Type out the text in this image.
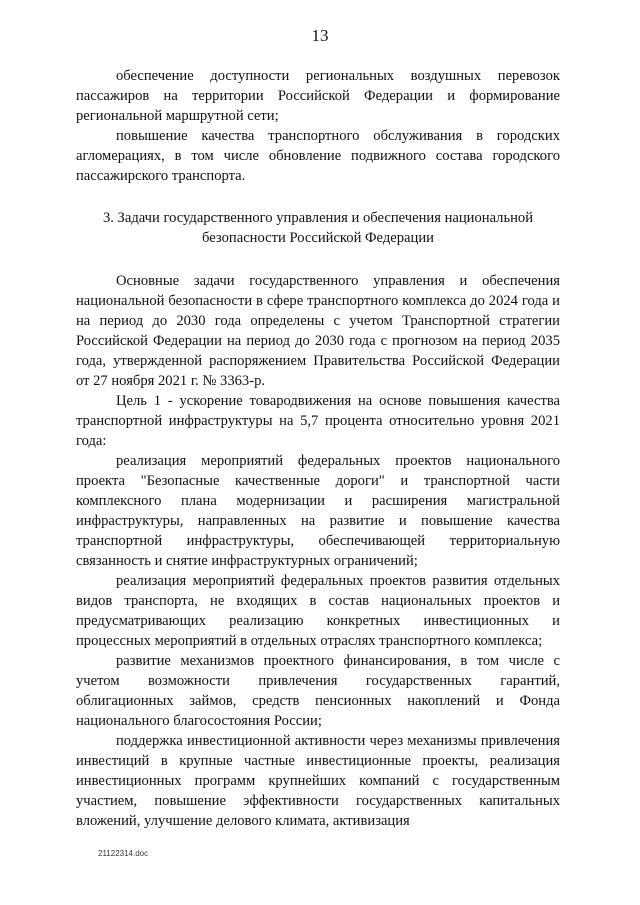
13

обеспечение доступности региональных воздушных перевозок пассажиров на территории Российской Федерации и формирование региональной маршрутной сети;

повышение качества транспортного обслуживания в городских агломерациях, в том числе обновление подвижного состава городского пассажирского транспорта.

3. Задачи государственного управления и обеспечения национальной
безопасности Российской Федерации

Основные задачи государственного управления и обеспечения национальной безопасности в сфере транспортного комплекса до 2024 года и на период до 2030 года определены с учетом Транспортной стратегии Российской Федерации на период до 2030 года с прогнозом на период 2035 года, утвержденной распоряжением Правительства Российской Федерации от 27 ноября 2021 г. № 3363-р.

Цель 1 - ускорение товародвижения на основе повышения качества транспортной инфраструктуры на 5,7 процента относительно уровня 2021 года:

реализация мероприятий федеральных проектов национального проекта "Безопасные качественные дороги" и транспортной части комплексного плана модернизации и расширения магистральной инфраструктуры, направленных на развитие и повышение качества транспортной инфраструктуры, обеспечивающей территориальную связанность и снятие инфраструктурных ограничений;

реализация мероприятий федеральных проектов развития отдельных видов транспорта, не входящих в состав национальных проектов и предусматривающих реализацию конкретных инвестиционных и процессных мероприятий в отдельных отраслях транспортного комплекса;

развитие механизмов проектного финансирования, в том числе с учетом возможности привлечения государственных гарантий, облигационных займов, средств пенсионных накоплений и Фонда национального благосостояния России;

поддержка инвестиционной активности через механизмы привлечения инвестиций в крупные частные инвестиционные проекты, реализация инвестиционных программ крупнейших компаний с государственным участием, повышение эффективности государственных капитальных вложений, улучшение делового климата, активизация

21122314.doc
